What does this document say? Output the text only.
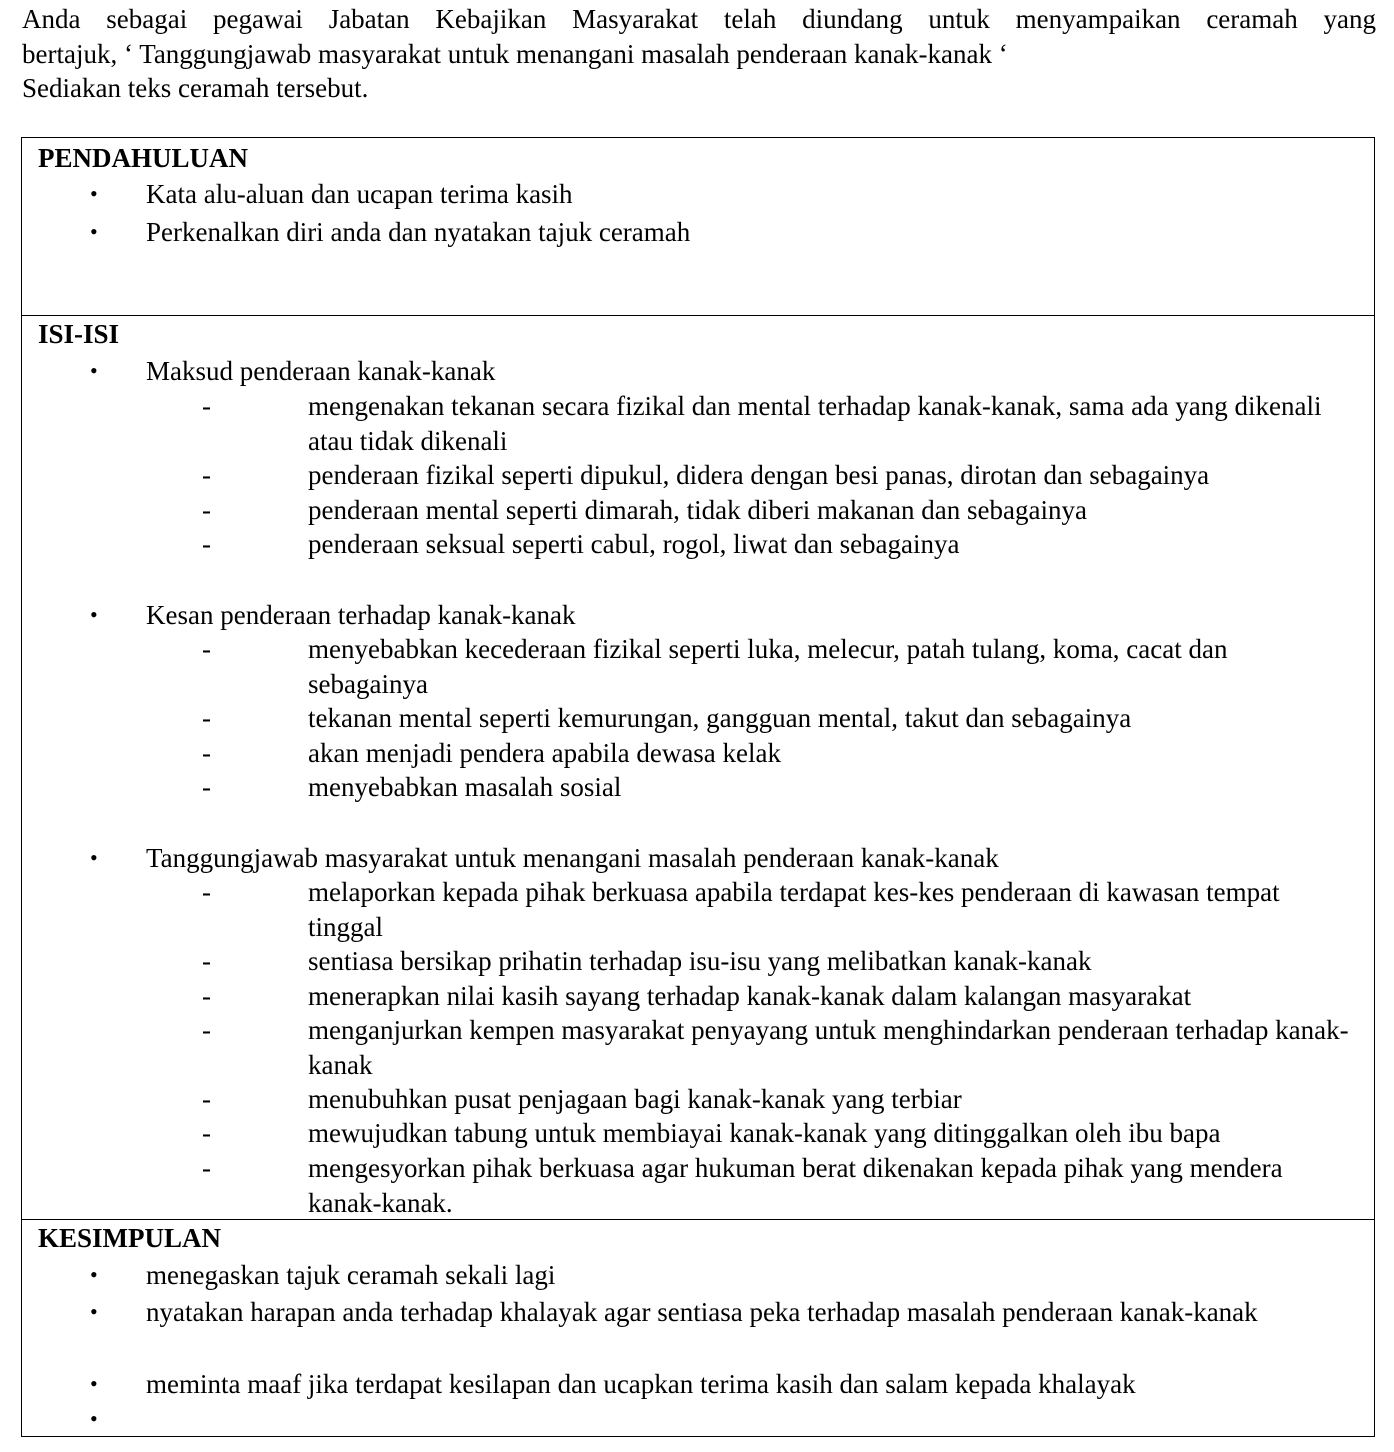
Anda sebagai pegawai Jabatan Kebajikan Masyarakat telah diundang untuk menyampaikan ceramah yang
bertajuk, ‘ Tanggungjawab masyarakat untuk menangani masalah penderaan kanak-kanak ‘
Sediakan teks ceramah tersebut.
PENDAHULUAN
• Kata alu-aluan dan ucapan terima kasih
• Perkenalkan diri anda dan nyatakan tajuk ceramah
ISI-ISI
• Maksud penderaan kanak-kanak
-	mengenakan tekanan secara fizikal dan mental terhadap kanak-kanak, sama ada yang dikenali atau tidak dikenali
-	penderaan fizikal seperti dipukul, didera dengan besi panas, dirotan dan sebagainya
-	penderaan mental seperti dimarah, tidak diberi makanan dan sebagainya
-	penderaan seksual seperti cabul, rogol, liwat dan sebagainya
• Kesan penderaan terhadap kanak-kanak
-	menyebabkan kecederaan fizikal seperti luka, melecur, patah tulang, koma, cacat dan sebagainya
-	tekanan mental seperti kemurungan, gangguan mental, takut dan sebagainya
-	akan menjadi pendera apabila dewasa kelak
-	menyebabkan masalah sosial
• Tanggungjawab masyarakat untuk menangani masalah penderaan kanak-kanak
-	melaporkan kepada pihak berkuasa apabila terdapat kes-kes penderaan di kawasan tempat tinggal
-	sentiasa bersikap prihatin terhadap isu-isu yang melibatkan kanak-kanak
-	menerapkan nilai kasih sayang terhadap kanak-kanak dalam kalangan masyarakat
-	menganjurkan kempen masyarakat penyayang untuk menghindarkan penderaan terhadap kanak-kanak
-	menubuhkan pusat penjagaan bagi kanak-kanak yang terbiar
-	mewujudkan tabung untuk membiayai kanak-kanak yang ditinggalkan oleh ibu bapa
-	mengesyorkan pihak berkuasa agar hukuman berat dikenakan kepada pihak yang mendera kanak-kanak.
KESIMPULAN
• menegaskan tajuk ceramah sekali lagi
• nyatakan harapan anda terhadap khalayak agar sentiasa peka terhadap masalah penderaan kanak-kanak
• meminta maaf jika terdapat kesilapan dan ucapkan terima kasih dan salam kepada khalayak
•
